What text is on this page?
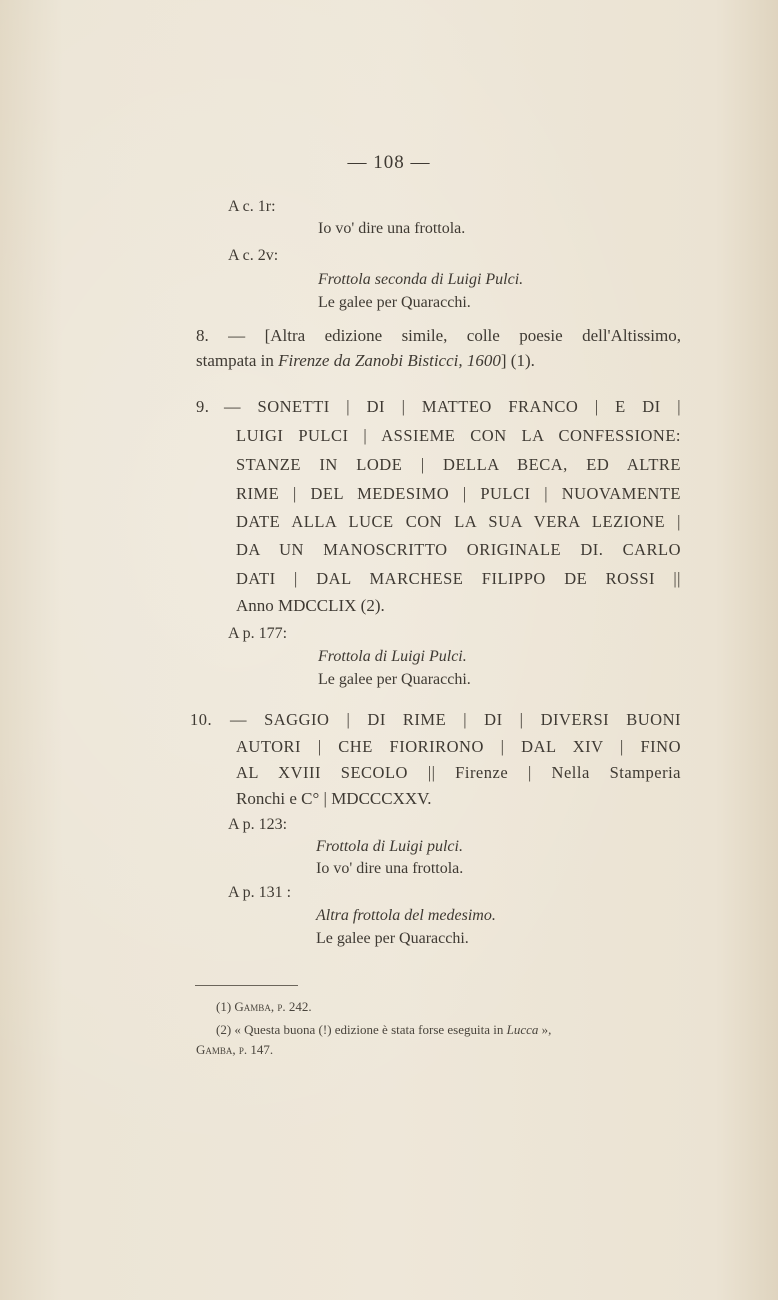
— 108 —
A c. 1r:
Io vo' dire una frottola.
A c. 2v:
Frottola seconda di Luigi Pulci.
Le galee per Quaracchi.
8. — [Altra edizione simile, colle poesie dell'Altissimo,
stampata in Firenze da Zanobi Bisticci, 1600] (1).
9. — SONETTI | DI | MATTEO FRANCO | E DI |
LUIGI PULCI | ASSIEME CON LA CONFESSIONE:
STANZE IN LODE | DELLA BECA, ED ALTRE
RIME | DEL MEDESIMO | PULCI | NUOVAMENTE
DATE ALLA LUCE CON LA SUA VERA LEZIONE |
DA UN MANOSCRITTO ORIGINALE DI. CARLO
DATI | DAL MARCHESE FILIPPO DE ROSSI ||
Anno MDCCLIX (2).
A p. 177:
Frottola di Luigi Pulci.
Le galee per Quaracchi.
10. — SAGGIO | DI RIME | DI | DIVERSI BUONI
AUTORI | CHE FIORIRONO | DAL XIV | FINO
AL XVIII SECOLO || Firenze | Nella Stamperia
Ronchi e C° | MDCCCXXV.
A p. 123:
Frottola di Luigi pulci.
Io vo' dire una frottola.
A p. 131 :
Altra frottola del medesimo.
Le galee per Quaracchi.
(1) Gamba, p. 242.
(2) « Questa buona (!) edizione è stata forse eseguita in Lucca »,
Gamba, p. 147.
